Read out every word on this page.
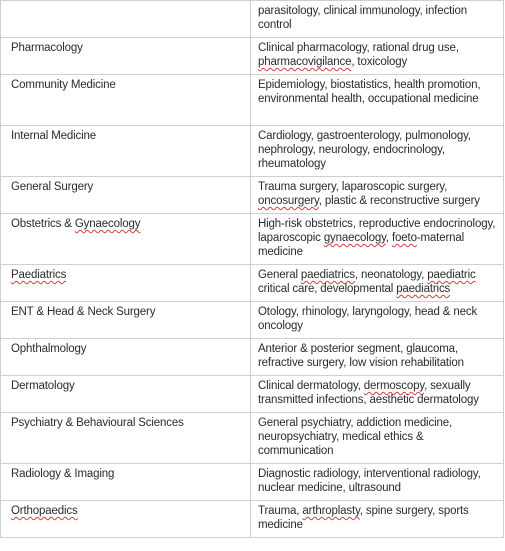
	parasitology, clinical immunology, infection control
Pharmacology	Clinical pharmacology, rational drug use, pharmacovigilance, toxicology
Community Medicine	Epidemiology, biostatistics, health promotion, environmental health, occupational medicine
Internal Medicine	Cardiology, gastroenterology, pulmonology, nephrology, neurology, endocrinology, rheumatology
General Surgery	Trauma surgery, laparoscopic surgery, oncosurgery, plastic & reconstructive surgery
Obstetrics & Gynaecology	High-risk obstetrics, reproductive endocrinology, laparoscopic gynaecology, foeto-maternal medicine
Paediatrics	General paediatrics, neonatology, paediatric critical care, developmental paediatrics
ENT & Head & Neck Surgery	Otology, rhinology, laryngology, head & neck oncology
Ophthalmology	Anterior & posterior segment, glaucoma, refractive surgery, low vision rehabilitation
Dermatology	Clinical dermatology, dermoscopy, sexually transmitted infections, aesthetic dermatology
Psychiatry & Behavioural Sciences	General psychiatry, addiction medicine, neuropsychiatry, medical ethics & communication
Radiology & Imaging	Diagnostic radiology, interventional radiology, nuclear medicine, ultrasound
Orthopaedics	Trauma, arthroplasty, spine surgery, sports medicine
